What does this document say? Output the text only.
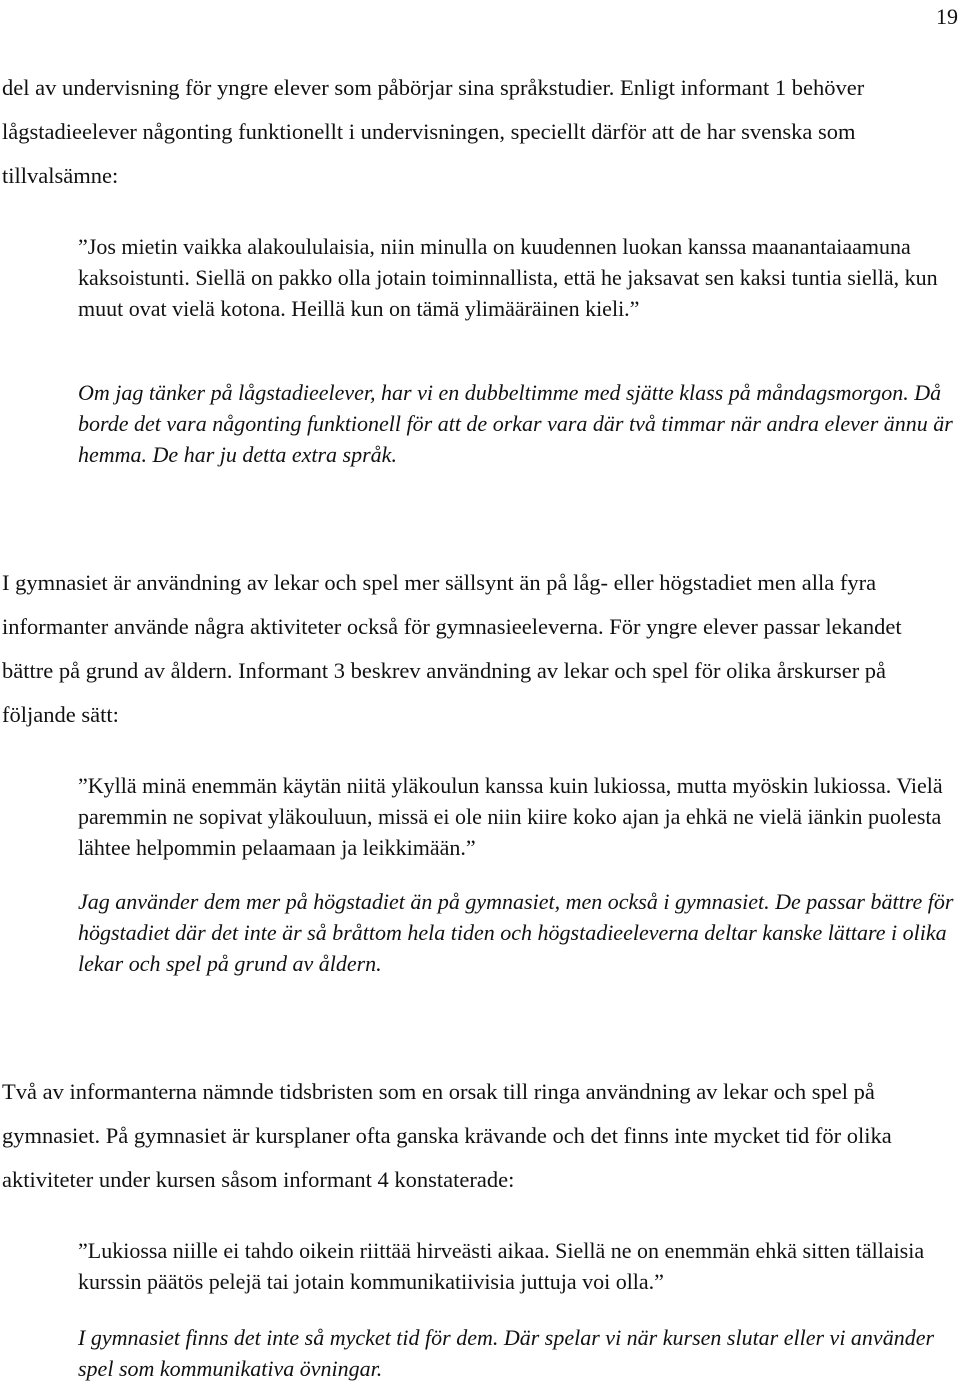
19

del av undervisning för yngre elever som påbörjar sina språkstudier. Enligt informant 1 behöver lågstadieelever någonting funktionellt i undervisningen, speciellt därför att de har svenska som tillvalsämne:

”Jos mietin vaikka alakoululaisia, niin minulla on kuudennen luokan kanssa maanantaiaamuna kaksoistunti. Siellä on pakko olla jotain toiminnallista, että he jaksavat sen kaksi tuntia siellä, kun muut ovat vielä kotona. Heillä kun on tämä ylimääräinen kieli.”

Om jag tänker på lågstadieelever, har vi en dubbeltimme med sjätte klass på måndagsmorgon. Då borde det vara någonting funktionell för att de orkar vara där två timmar när andra elever ännu är hemma. De har ju detta extra språk.

I gymnasiet är användning av lekar och spel mer sällsynt än på låg- eller högstadiet men alla fyra informanter använde några aktiviteter också för gymnasieeleverna. För yngre elever passar lekandet bättre på grund av åldern. Informant 3 beskrev användning av lekar och spel för olika årskurser på följande sätt:

”Kyllä minä enemmän käytän niitä yläkoulun kanssa kuin lukiossa, mutta myöskin lukiossa. Vielä paremmin ne sopivat yläkouluun, missä ei ole niin kiire koko ajan ja ehkä ne vielä iänkin puolesta lähtee helpommin pelaamaan ja leikkimään.”

Jag använder dem mer på högstadiet än på gymnasiet, men också i gymnasiet. De passar bättre för högstadiet där det inte är så bråttom hela tiden och högstadieeleverna deltar kanske lättare i olika lekar och spel på grund av åldern.

Två av informanterna nämnde tidsbristen som en orsak till ringa användning av lekar och spel på gymnasiet. På gymnasiet är kursplaner ofta ganska krävande och det finns inte mycket tid för olika aktiviteter under kursen såsom informant 4 konstaterade:

”Lukiossa niille ei tahdo oikein riittää hirveästi aikaa. Siellä ne on enemmän ehkä sitten tällaisia kurssin päätös pelejä tai jotain kommunikatiivisia juttuja voi olla.”

I gymnasiet finns det inte så mycket tid för dem. Där spelar vi när kursen slutar eller vi använder spel som kommunikativa övningar.
